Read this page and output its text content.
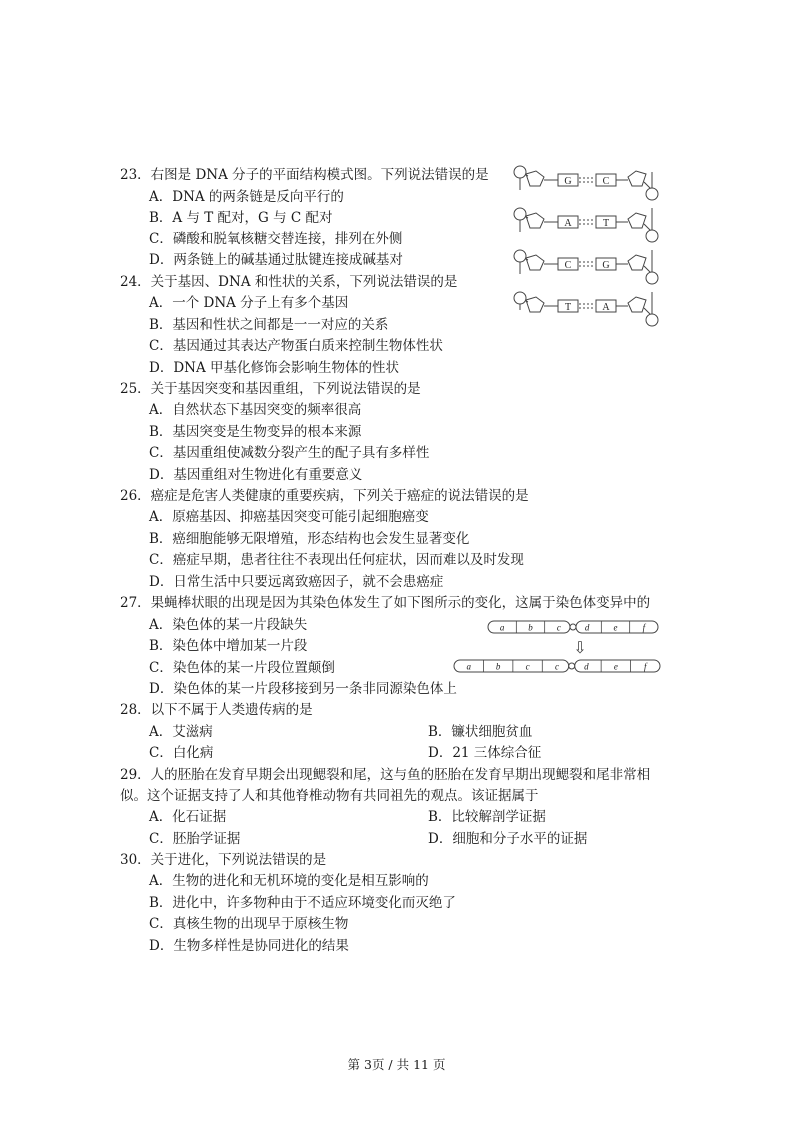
23．右图是 DNA 分子的平面结构模式图。下列说法错误的是
A．DNA 的两条链是反向平行的
B．A 与 T 配对，G 与 C 配对
C．磷酸和脱氧核糖交替连接，排列在外侧
D．两条链上的碱基通过肽键连接成碱基对
24．关于基因、DNA 和性状的关系，下列说法错误的是
A．一个 DNA 分子上有多个基因
B．基因和性状之间都是一一对应的关系
C．基因通过其表达产物蛋白质来控制生物体性状
D．DNA 甲基化修饰会影响生物体的性状
25．关于基因突变和基因重组，下列说法错误的是
A．自然状态下基因突变的频率很高
B．基因突变是生物变异的根本来源
C．基因重组使减数分裂产生的配子具有多样性
D．基因重组对生物进化有重要意义
26．癌症是危害人类健康的重要疾病，下列关于癌症的说法错误的是
A．原癌基因、抑癌基因突变可能引起细胞癌变
B．癌细胞能够无限增殖，形态结构也会发生显著变化
C．癌症早期，患者往往不表现出任何症状，因而难以及时发现
D．日常生活中只要远离致癌因子，就不会患癌症
27．果蝇棒状眼的出现是因为其染色体发生了如下图所示的变化，这属于染色体变异中的
A．染色体的某一片段缺失
B．染色体中增加某一片段
C．染色体的某一片段位置颠倒
D．染色体的某一片段移接到另一条非同源染色体上
28．以下不属于人类遗传病的是
A．艾滋病	B．镰状细胞贫血
C．白化病	D．21 三体综合征
29．人的胚胎在发育早期会出现鳃裂和尾，这与鱼的胚胎在发育早期出现鳃裂和尾非常相
似。这个证据支持了人和其他脊椎动物有共同祖先的观点。该证据属于
A．化石证据	B．比较解剖学证据
C．胚胎学证据	D．细胞和分子水平的证据
30．关于进化，下列说法错误的是
A．生物的进化和无机环境的变化是相互影响的
B．进化中，许多物种由于不适应环境变化而灭绝了
C．真核生物的出现早于原核生物
D．生物多样性是协同进化的结果
G	C
A	T
C	G
T	A
a	b	c	d	e	f
⇩
a	b	c	c	d	e	f
第 3页 / 共 11 页
